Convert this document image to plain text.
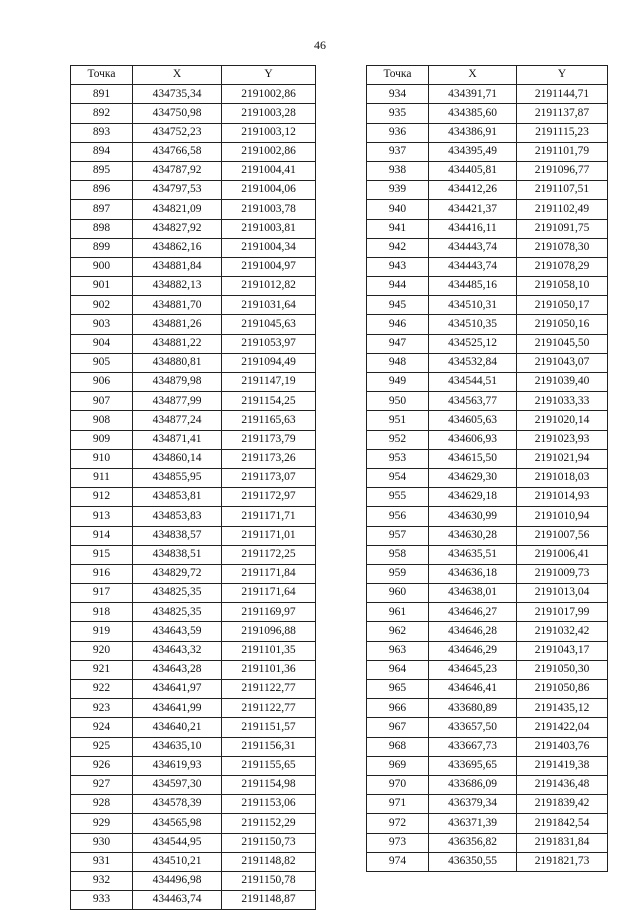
46
Точка	X	Y
891	434735,34	2191002,86
892	434750,98	2191003,28
893	434752,23	2191003,12
894	434766,58	2191002,86
895	434787,92	2191004,41
896	434797,53	2191004,06
897	434821,09	2191003,78
898	434827,92	2191003,81
899	434862,16	2191004,34
900	434881,84	2191004,97
901	434882,13	2191012,82
902	434881,70	2191031,64
903	434881,26	2191045,63
904	434881,22	2191053,97
905	434880,81	2191094,49
906	434879,98	2191147,19
907	434877,99	2191154,25
908	434877,24	2191165,63
909	434871,41	2191173,79
910	434860,14	2191173,26
911	434855,95	2191173,07
912	434853,81	2191172,97
913	434853,83	2191171,71
914	434838,57	2191171,01
915	434838,51	2191172,25
916	434829,72	2191171,84
917	434825,35	2191171,64
918	434825,35	2191169,97
919	434643,59	2191096,88
920	434643,32	2191101,35
921	434643,28	2191101,36
922	434641,97	2191122,77
923	434641,99	2191122,77
924	434640,21	2191151,57
925	434635,10	2191156,31
926	434619,93	2191155,65
927	434597,30	2191154,98
928	434578,39	2191153,06
929	434565,98	2191152,29
930	434544,95	2191150,73
931	434510,21	2191148,82
932	434496,98	2191150,78
933	434463,74	2191148,87
Точка	X	Y
934	434391,71	2191144,71
935	434385,60	2191137,87
936	434386,91	2191115,23
937	434395,49	2191101,79
938	434405,81	2191096,77
939	434412,26	2191107,51
940	434421,37	2191102,49
941	434416,11	2191091,75
942	434443,74	2191078,30
943	434443,74	2191078,29
944	434485,16	2191058,10
945	434510,31	2191050,17
946	434510,35	2191050,16
947	434525,12	2191045,50
948	434532,84	2191043,07
949	434544,51	2191039,40
950	434563,77	2191033,33
951	434605,63	2191020,14
952	434606,93	2191023,93
953	434615,50	2191021,94
954	434629,30	2191018,03
955	434629,18	2191014,93
956	434630,99	2191010,94
957	434630,28	2191007,56
958	434635,51	2191006,41
959	434636,18	2191009,73
960	434638,01	2191013,04
961	434646,27	2191017,99
962	434646,28	2191032,42
963	434646,29	2191043,17
964	434645,23	2191050,30
965	434646,41	2191050,86
966	433680,89	2191435,12
967	433657,50	2191422,04
968	433667,73	2191403,76
969	433695,65	2191419,38
970	433686,09	2191436,48
971	436379,34	2191839,42
972	436371,39	2191842,54
973	436356,82	2191831,84
974	436350,55	2191821,73
